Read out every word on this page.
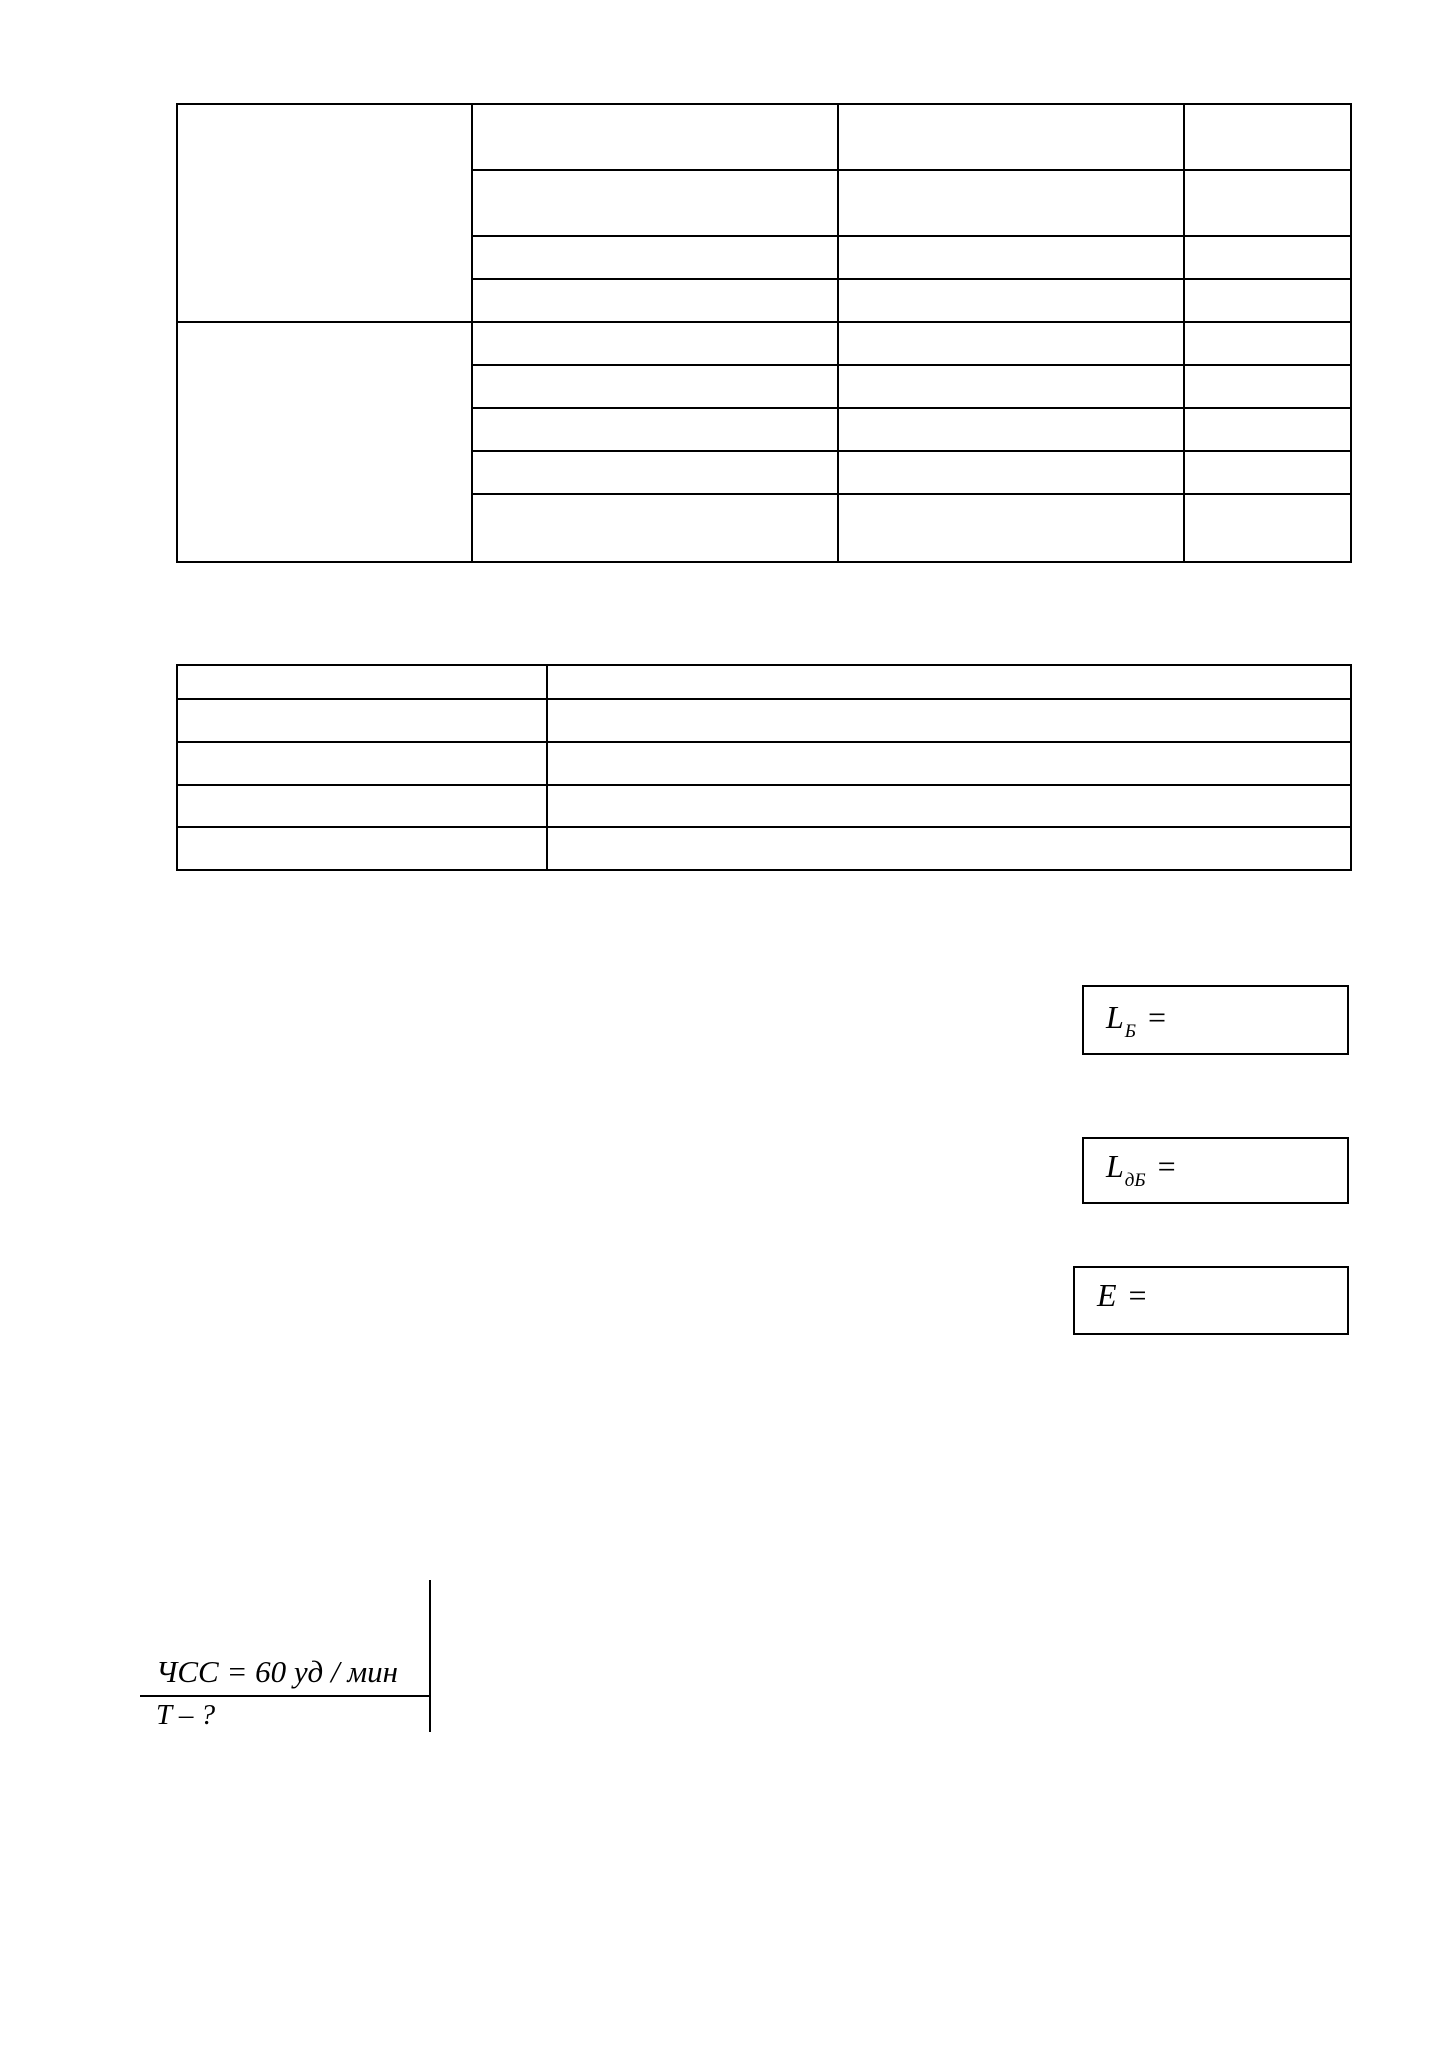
$L_Б$ =
$L_{дБ}$ =
E =
ЧСС = 60 уд / мин
T – ?
